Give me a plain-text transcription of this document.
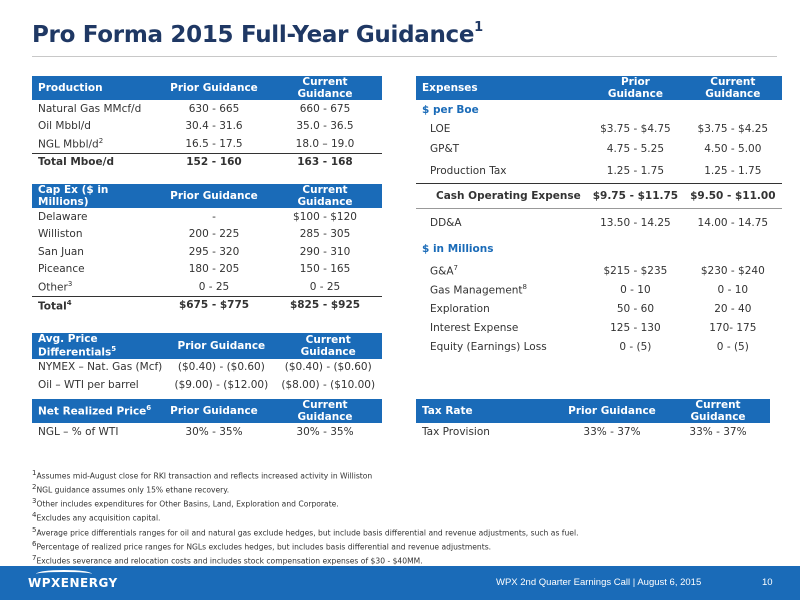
Pro Forma 2015 Full-Year Guidance$^1$
Production	Prior Guidance	Current Guidance
Natural Gas MMcf/d	630 - 665	660 - 675
Oil Mbbl/d	30.4 - 31.6	35.0 - 36.5
NGL Mbbl/$d^2$	16.5 - 17.5	18.0 – 19.0
Total Mboe/d	152 - 160	163 - 168
Cap Ex ($ in Millions)	Prior Guidance	Current Guidance
Delaware	-	$100 - $120
Williston	200 - 225	285 - 305
San Juan	295 - 320	290 - 310
Piceance	180 - 205	150 - 165
Other$^3$	0 - 25	0 - 25
Total$^4$	$675 - $775	$825 - $925
Avg. Price Differentials$^5$	Prior Guidance	Current Guidance
NYMEX – Nat. Gas (Mcf)	($0.40) - ($0.60)	($0.40) - ($0.60)
Oil – WTI per barrel	($9.00) - ($12.00)	($8.00) - ($10.00)
Net Realized Price$^6$	Prior Guidance	Current Guidance
NGL – % of WTI	30% - 35%	30% - 35%
Expenses	Prior Guidance	Current Guidance
$ per Boe		
LOE	$3.75 - $4.75	$3.75 - $4.25
GP&T	4.75 - 5.25	4.50 - 5.00
Production Tax	1.25 - 1.75	1.25 - 1.75
Cash Operating Expense	$9.75 - $11.75	$9.50 - $11.00
DD&A	13.50 - 14.25	14.00 - 14.75
$ in Millions		
$G\&A^7$	$215 - $235	$230 - $240
Gas Management$^8$	0 - 10	0 - 10
Exploration	50 - 60	20 - 40
Interest Expense	125 - 130	170- 175
Equity (Earnings) Loss	0 - (5)	0 - (5)
Tax Rate	Prior Guidance	Current Guidance
Tax Provision	33% - 37%	33% - 37%
$^1$Assumes mid-August close for RKI transaction and reflects increased activity in Williston
$^2$NGL guidance assumes only 15% ethane recovery.
$^3$Other includes expenditures for Other Basins, Land, Exploration and Corporate.
$^4$Excludes any acquisition capital.
$^5$Average price differentials ranges for oil and natural gas exclude hedges, but include basis differential and revenue adjustments, such as fuel.
$^6$Percentage of realized price ranges for NGLs excludes hedges, but includes basis differential and revenue adjustments.
$^7$Excludes severance and relocation costs and includes stock compensation expenses of $30 - $40MM.
WPXENERGY	WPX 2nd Quarter Earnings Call | August 6, 2015	10
